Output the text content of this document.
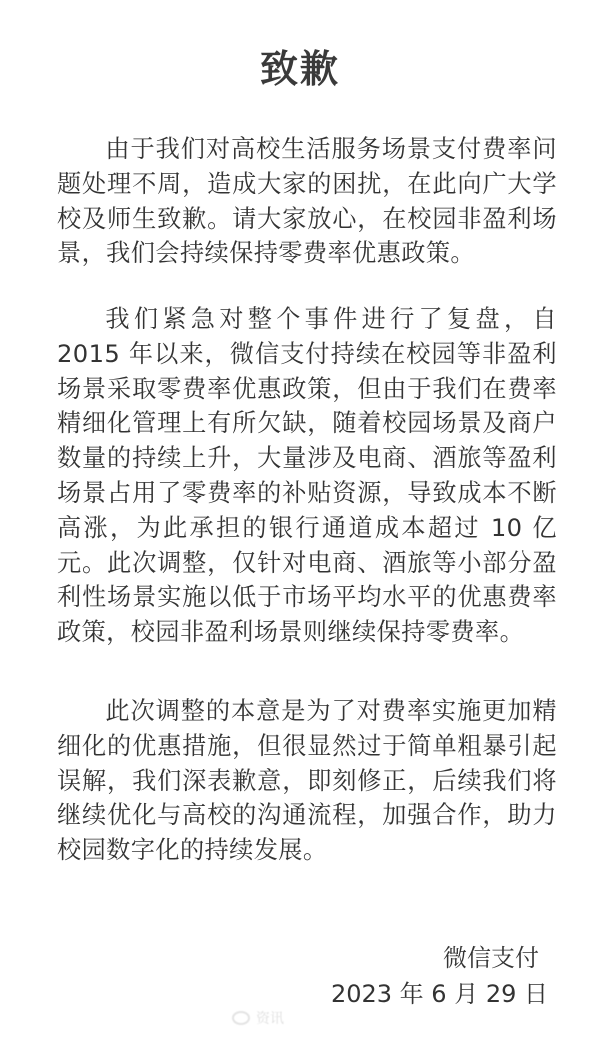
致歉

由于我们对高校生活服务场景支付费率问题处理不周，造成大家的困扰，在此向广大学校及师生致歉。请大家放心，在校园非盈利场景，我们会持续保持零费率优惠政策。

我们紧急对整个事件进行了复盘，自 2015 年以来，微信支付持续在校园等非盈利场景采取零费率优惠政策，但由于我们在费率精细化管理上有所欠缺，随着校园场景及商户数量的持续上升，大量涉及电商、酒旅等盈利场景占用了零费率的补贴资源，导致成本不断高涨，为此承担的银行通道成本超过 10 亿元。此次调整，仅针对电商、酒旅等小部分盈利性场景实施以低于市场平均水平的优惠费率政策，校园非盈利场景则继续保持零费率。

此次调整的本意是为了对费率实施更加精细化的优惠措施，但很显然过于简单粗暴引起误解，我们深表歉意，即刻修正，后续我们将继续优化与高校的沟通流程，加强合作，助力校园数字化的持续发展。

微信支付
2023 年 6 月 29 日
资讯
